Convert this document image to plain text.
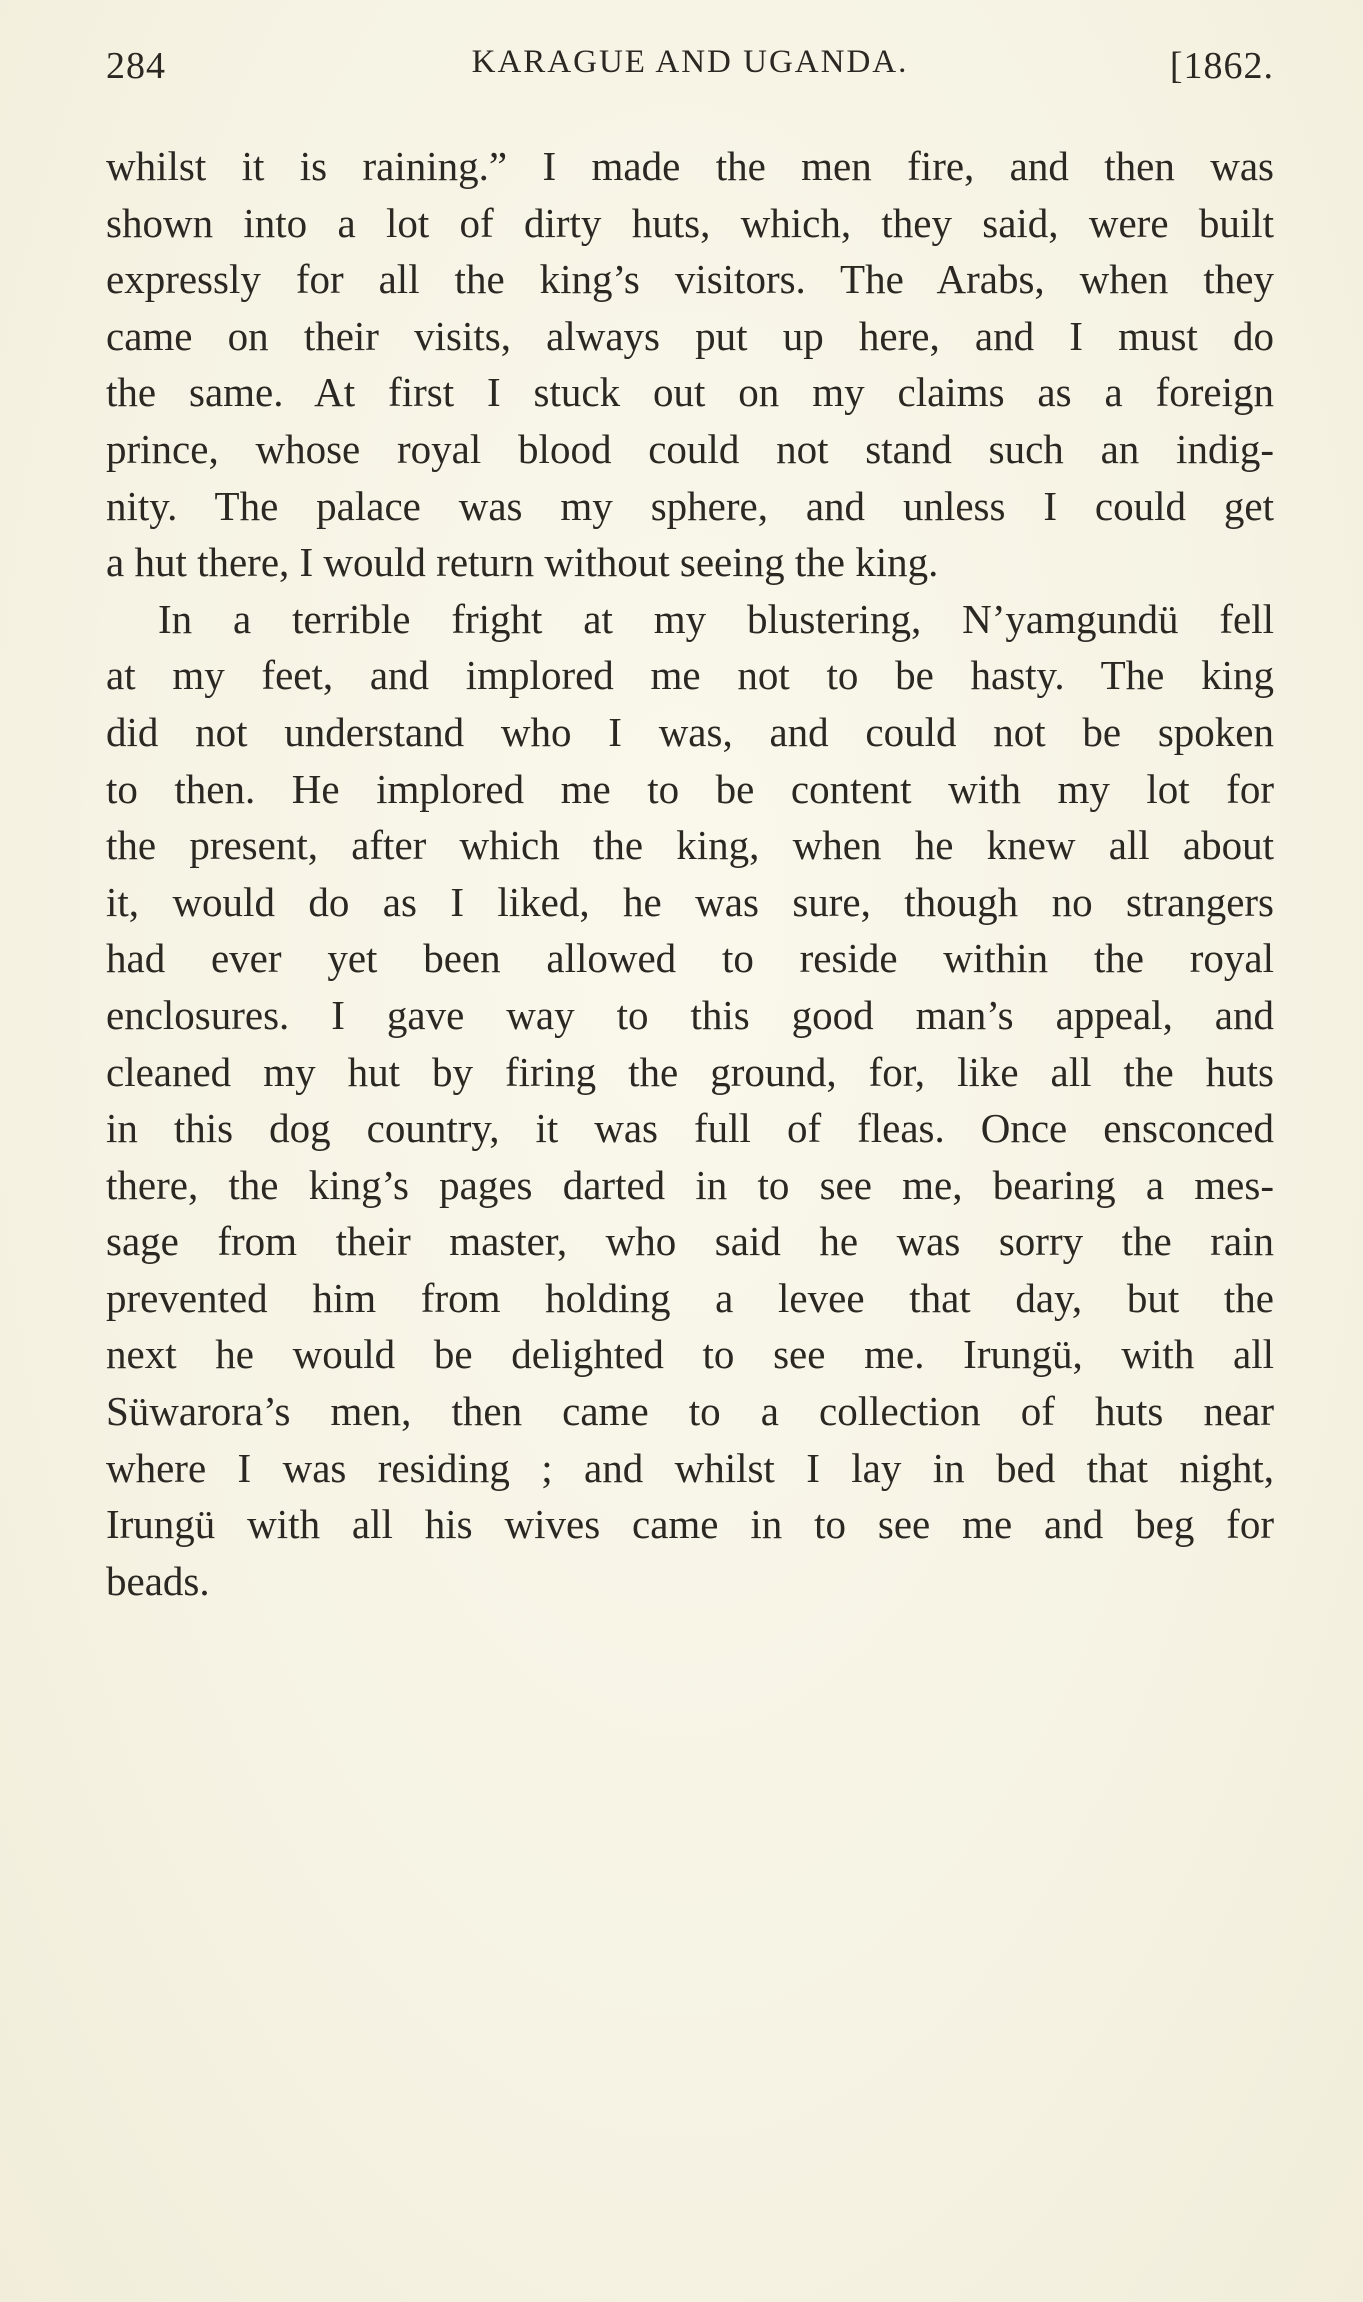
284	KARAGUE AND UGANDA.	[1862.
whilst it is raining.” I made the men fire, and then was
shown into a lot of dirty huts, which, they said, were built
expressly for all the king’s visitors. The Arabs, when they
came on their visits, always put up here, and I must do
the same. At first I stuck out on my claims as a foreign
prince, whose royal blood could not stand such an indig-
nity. The palace was my sphere, and unless I could get
a hut there, I would return without seeing the king.
In a terrible fright at my blustering, N’yamgundü fell
at my feet, and implored me not to be hasty. The king
did not understand who I was, and could not be spoken
to then. He implored me to be content with my lot for
the present, after which the king, when he knew all about
it, would do as I liked, he was sure, though no strangers
had ever yet been allowed to reside within the royal
enclosures. I gave way to this good man’s appeal, and
cleaned my hut by firing the ground, for, like all the huts
in this dog country, it was full of fleas. Once ensconced
there, the king’s pages darted in to see me, bearing a mes-
sage from their master, who said he was sorry the rain
prevented him from holding a levee that day, but the
next he would be delighted to see me. Irungü, with all
Süwarora’s men, then came to a collection of huts near
where I was residing ; and whilst I lay in bed that night,
Irungü with all his wives came in to see me and beg for
beads.
